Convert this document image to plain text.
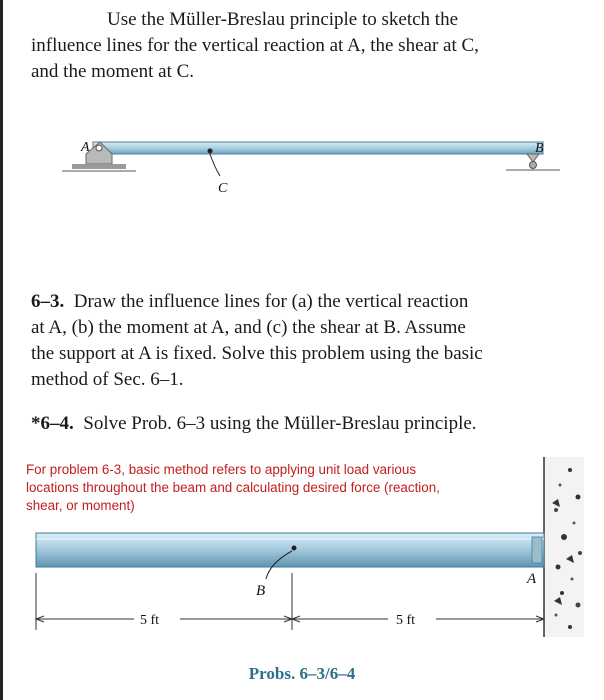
Use the Müller-Breslau principle to sketch the

influence lines for the vertical reaction at A, the shear at C,

and the moment at C.

A	B
C

6–3. Draw the influence lines for (a) the vertical reaction

at A, (b) the moment at A, and (c) the shear at B. Assume

the support at A is fixed. Solve this problem using the basic

method of Sec. 6–1.

*6–4. Solve Prob. 6–3 using the Müller-Breslau principle.

For problem 6-3, basic method refers to applying unit load various
locations throughout the beam and calculating desired force (reaction,
shear, or moment)
B
A
5 ft	5 ft
Probs. 6–3/6–4
